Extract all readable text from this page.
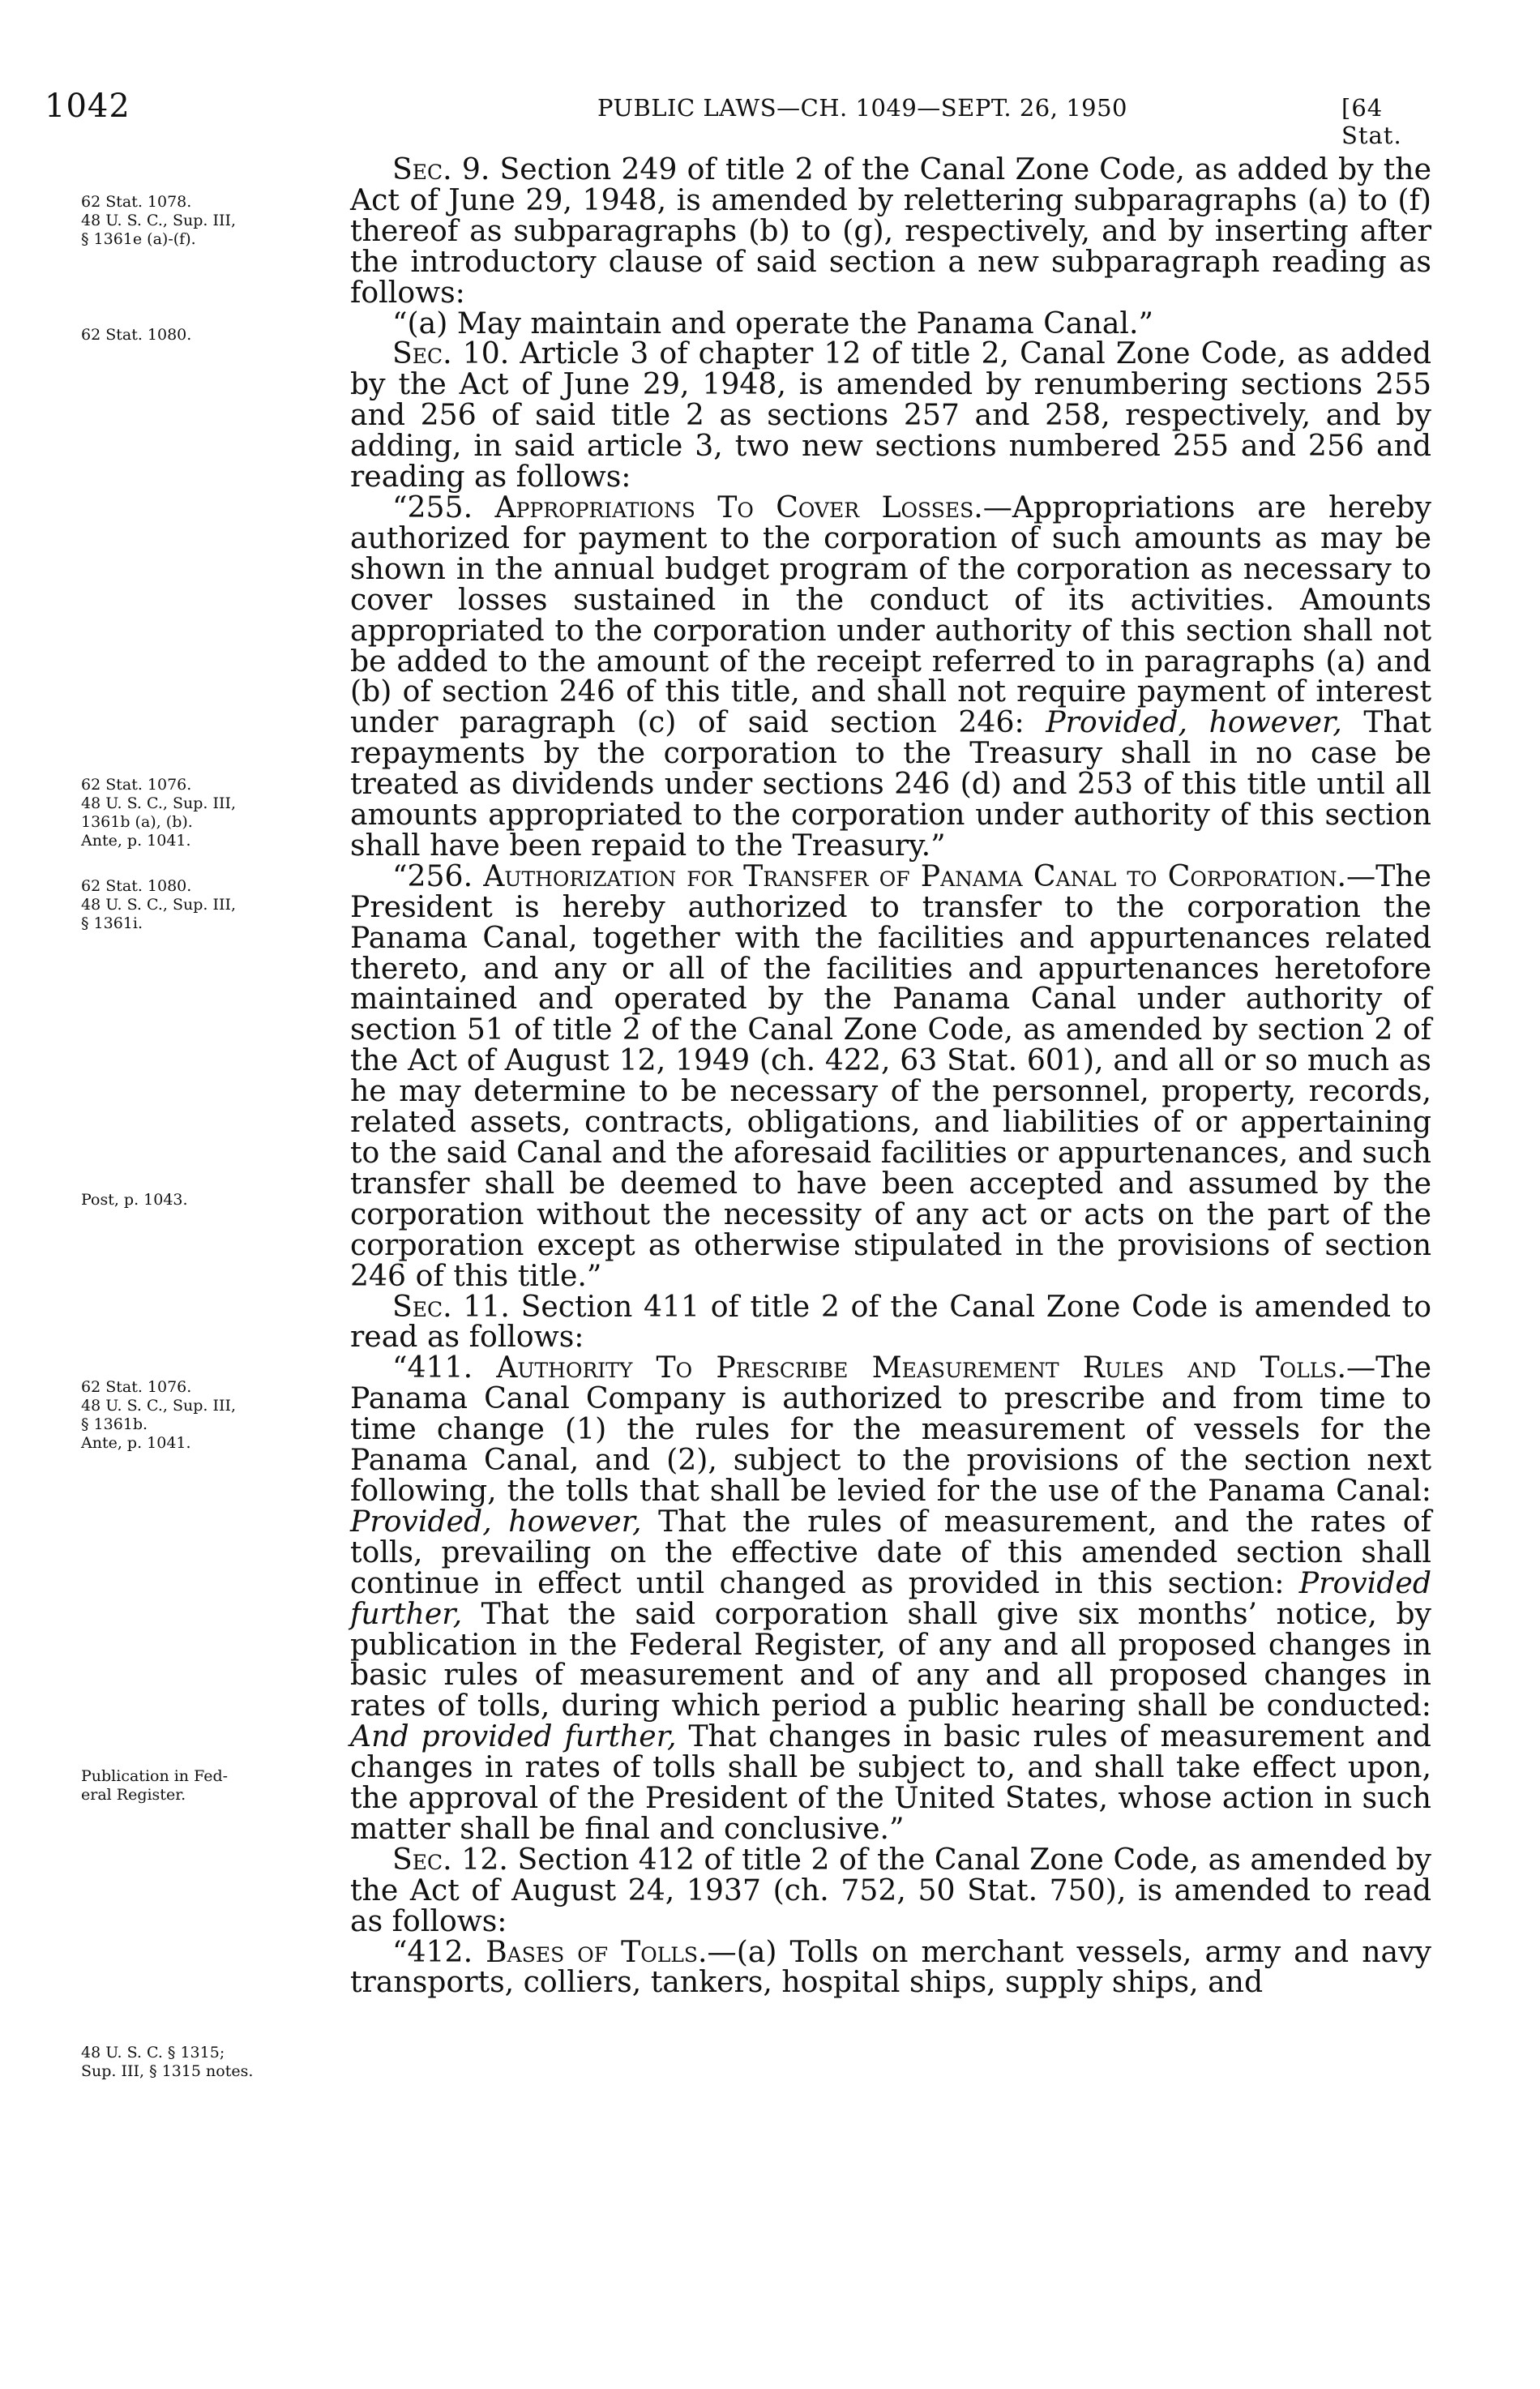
1042	PUBLIC LAWS—CH. 1049—SEPT. 26, 1950	[64 Stat.
62 Stat. 1078.
48 U. S. C., Sup. III,
§ 1361e (a)-(f).
62 Stat. 1080.
62 Stat. 1076.
48 U. S. C., Sup. III,
1361b (a), (b).
Ante, p. 1041.
62 Stat. 1080.
48 U. S. C., Sup. III,
§ 1361i.
Post, p. 1043.
62 Stat. 1076.
48 U. S. C., Sup. III,
§ 1361b.
Ante, p. 1041.
Publication in Fed-
eral Register.
48 U. S. C. § 1315;
Sup. III, § 1315 notes.

Sec. 9. Section 249 of title 2 of the Canal Zone Code, as added by the Act of June 29, 1948, is amended by relettering subparagraphs (a) to (f) thereof as subparagraphs (b) to (g), respectively, and by inserting after the introductory clause of said section a new subparagraph reading as follows:

“(a) May maintain and operate the Panama Canal.”

Sec. 10. Article 3 of chapter 12 of title 2, Canal Zone Code, as added by the Act of June 29, 1948, is amended by renumbering sections 255 and 256 of said title 2 as sections 257 and 258, respectively, and by adding, in said article 3, two new sections numbered 255 and 256 and reading as follows:

“255. Appropriations To Cover Losses.—Appropriations are hereby authorized for payment to the corporation of such amounts as may be shown in the annual budget program of the corporation as necessary to cover losses sustained in the conduct of its activities. Amounts appropriated to the corporation under authority of this section shall not be added to the amount of the receipt referred to in paragraphs (a) and (b) of section 246 of this title, and shall not require payment of interest under paragraph (c) of said section 246: Provided, however, That repayments by the corporation to the Treasury shall in no case be treated as dividends under sections 246 (d) and 253 of this title until all amounts appropriated to the corporation under authority of this section shall have been repaid to the Treasury.”

“256. Authorization for Transfer of Panama Canal to Corporation.—The President is hereby authorized to transfer to the corporation the Panama Canal, together with the facilities and appurtenances related thereto, and any or all of the facilities and appurtenances heretofore maintained and operated by the Panama Canal under authority of section 51 of title 2 of the Canal Zone Code, as amended by section 2 of the Act of August 12, 1949 (ch. 422, 63 Stat. 601), and all or so much as he may determine to be necessary of the personnel, property, records, related assets, contracts, obligations, and liabilities of or appertaining to the said Canal and the aforesaid facilities or appurtenances, and such transfer shall be deemed to have been accepted and assumed by the corporation without the necessity of any act or acts on the part of the corporation except as otherwise stipulated in the provisions of section 246 of this title.”

Sec. 11. Section 411 of title 2 of the Canal Zone Code is amended to read as follows:

“411. Authority To Prescribe Measurement Rules and Tolls.—The Panama Canal Company is authorized to prescribe and from time to time change (1) the rules for the measurement of vessels for the Panama Canal, and (2), subject to the provisions of the section next following, the tolls that shall be levied for the use of the Panama Canal: Provided, however, That the rules of measurement, and the rates of tolls, prevailing on the effective date of this amended section shall continue in effect until changed as provided in this section: Provided further, That the said corporation shall give six months’ notice, by publication in the Federal Register, of any and all proposed changes in basic rules of measurement and of any and all proposed changes in rates of tolls, during which period a public hearing shall be conducted: And provided further, That changes in basic rules of measurement and changes in rates of tolls shall be subject to, and shall take effect upon, the approval of the President of the United States, whose action in such matter shall be final and conclusive.”

Sec. 12. Section 412 of title 2 of the Canal Zone Code, as amended by the Act of August 24, 1937 (ch. 752, 50 Stat. 750), is amended to read as follows:

“412. Bases of Tolls.—(a) Tolls on merchant vessels, army and navy transports, colliers, tankers, hospital ships, supply ships, and
